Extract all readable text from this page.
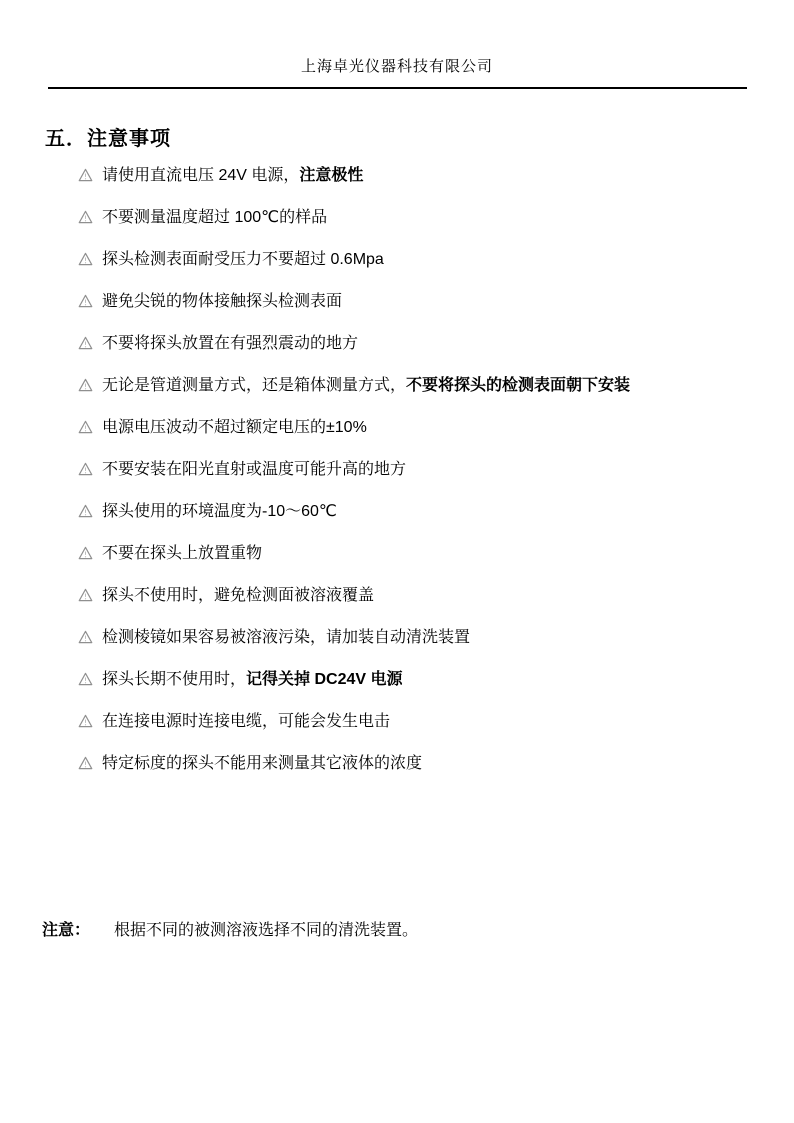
上海卓光仪器科技有限公司
五．注意事项
请使用直流电压 24V 电源， 注意极性
不要测量温度超过 100℃的样品
探头检测表面耐受压力不要超过 0.6Mpa
避免尖锐的物体接触探头检测表面
不要将探头放置在有强烈震动的地方
无论是管道测量方式，还是箱体测量方式， 不要将探头的检测表面朝下安装
电源电压波动不超过额定电压的±10%
不要安装在阳光直射或温度可能升高的地方
探头使用的环境温度为-10～60℃
不要在探头上放置重物
探头不使用时，避免检测面被溶液覆盖
检测棱镜如果容易被溶液污染，请加装自动清洗装置
探头长期不使用时， 记得关掉 DC24V 电源
在连接电源时连接电缆，可能会发生电击
特定标度的探头不能用来测量其它液体的浓度
注意： 根据不同的被测溶液选择不同的清洗装置。
